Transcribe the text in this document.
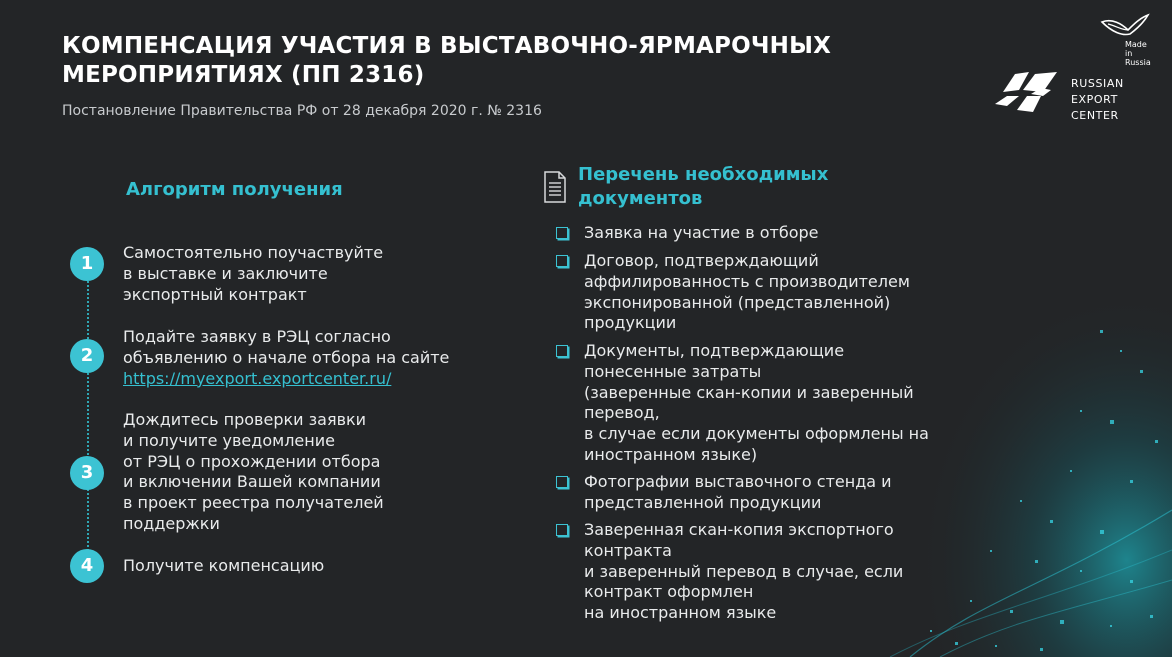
КОМПЕНСАЦИЯ УЧАСТИЯ В ВЫСТАВОЧНО-ЯРМАРОЧНЫХ
МЕРОПРИЯТИЯХ (ПП 2316)
Постановление Правительства РФ от 28 декабря 2020 г. № 2316
Made
in Russia
RUSSIAN
EXPORT CENTER
Алгоритм получения
1
Самостоятельно поучаствуйте
в выставке и заключите
экспортный контракт
2
Подайте заявку в РЭЦ согласно
объявлению о начале отбора на сайте
https://myexport.exportcenter.ru/
3
Дождитесь проверки заявки
и получите уведомление
от РЭЦ о прохождении отбора
и включении Вашей компании
в проект реестра получателей
поддержки
4	Получите компенсацию
Перечень необходимых
документов
Заявка на участие в отборе
Договор, подтверждающий
аффилированность с производителем
экспонированной (представленной)
продукции
Документы, подтверждающие
понесенные затраты
(заверенные скан-копии и заверенный
перевод,
в случае если документы оформлены на
иностранном языке)
Фотографии выставочного стенда и
представленной продукции
Заверенная скан-копия экспортного
контракта
и заверенный перевод в случае, если
контракт оформлен
на иностранном языке
